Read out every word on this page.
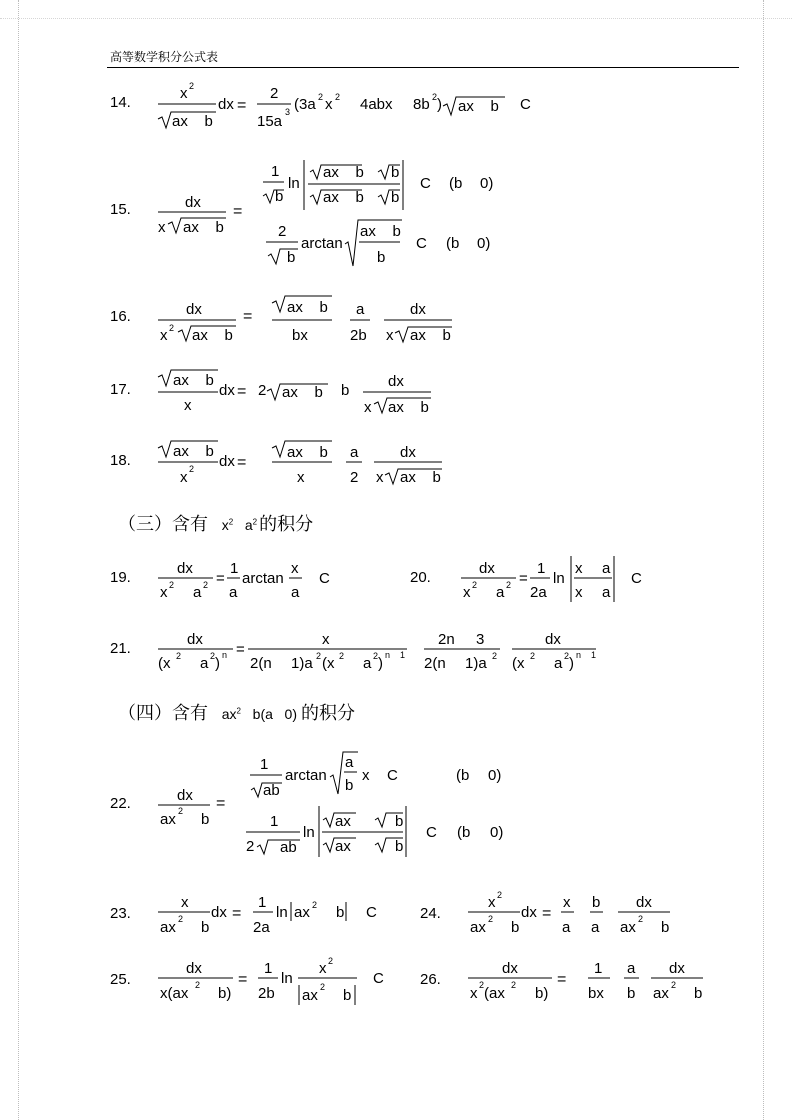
高等数学积分公式表
14.
15.
16.
17.
18.
19.	20.
21.
22.
23.	24.
25.	26.
（三）含有 $x^2$   $a^2$ 的积分
（四）含有 $ax^2$   b(a   0) 的积分
x 2
ax    b
dx =
2
15a
3 (3a 2 x 2 4abx 8b 2 ) ax    b C
dx
x ax    b
=
1
b
ln
ax    b b
ax    b b
C (b 0)
2
b
arctan
ax    b
b
C (b 0)
dx
x 2 ax    b
=
ax    b
bx
a
2b
dx
x ax    b
ax    b
x
dx = 2 ax    b b
dx
x ax    b
ax    b
x 2 dx =
ax    b
x
a
2
dx
x ax    b
dx
x 2 a 2 =
1
a
arctan
x
a
C
dx
x 2 a 2 =
1
2a
ln
x a
x a
C
dx
(x 2 a 2 ) n =
x
2(n 1)a 2 (x 2 a 2 ) n 1
2n 3
2(n 1)a 2
dx
(x 2 a 2 ) n 1
dx
ax 2 b
=
1
ab
arctan
a
b
x C	(b 0)
1
2 ab
ln
ax	b
ax	b
C (b 0)
x
ax 2 b
dx =
1
2a
ln ax 2 b C
x 2
ax 2 b
dx =
x
a
b
a
dx
ax 2 b
dx
x(ax 2 b)
=
1
2b
ln
x 2
ax 2 b
C
dx
x 2 (ax 2 b)
=
1
bx
a
b
dx
ax 2 b
